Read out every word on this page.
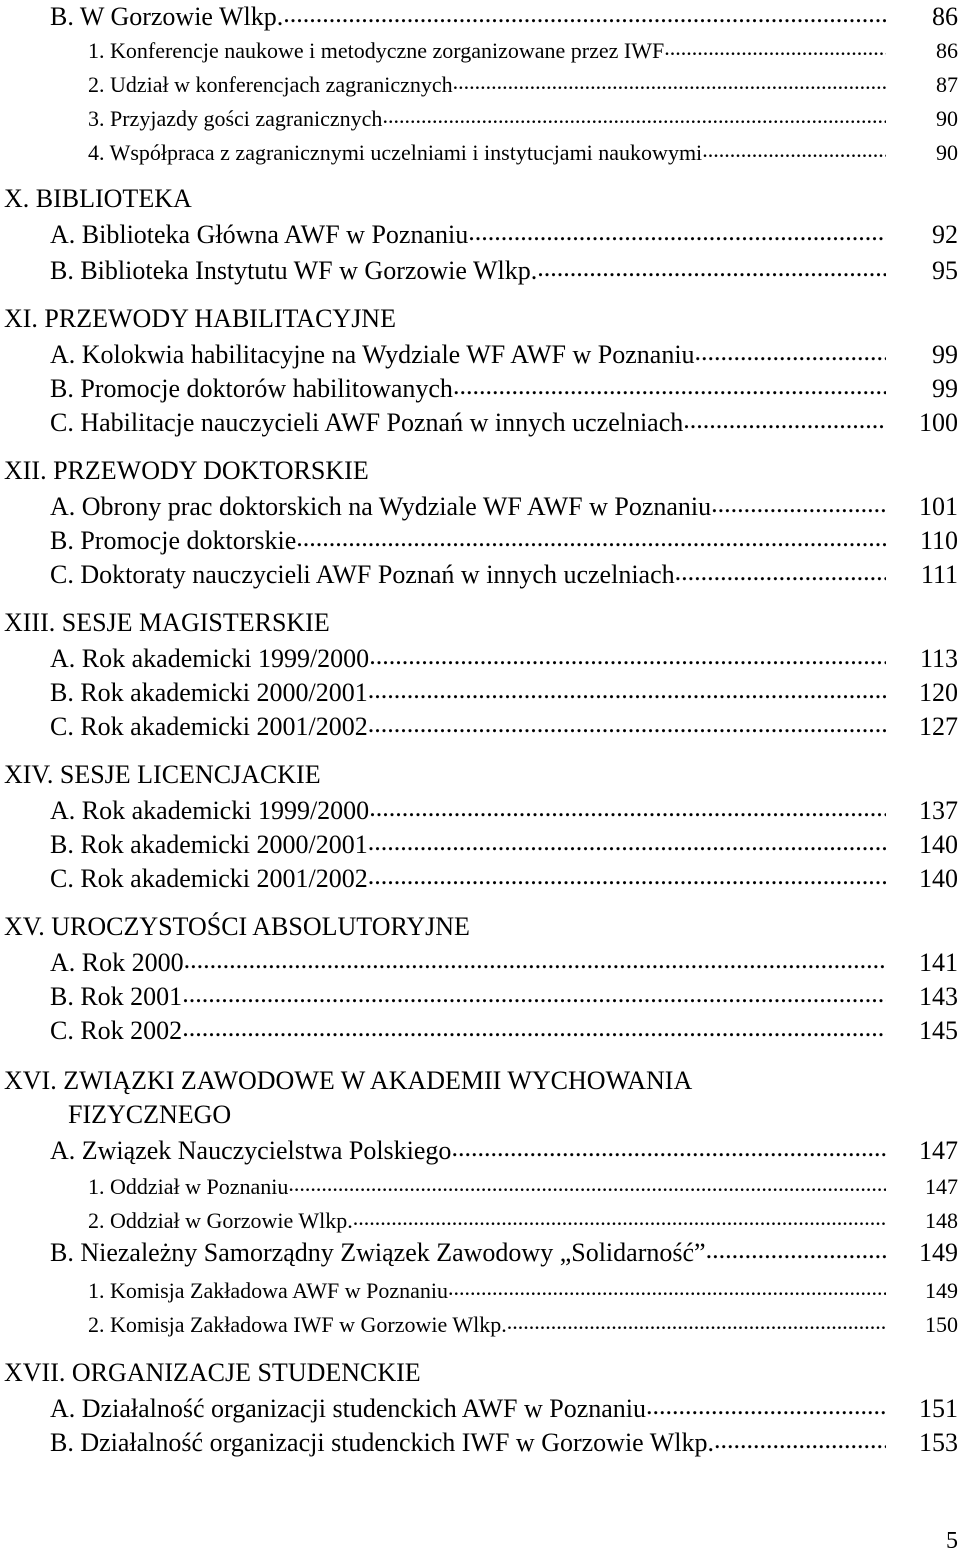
86
B. W Gorzowie Wlkp.
.....
86
1. Konferencje naukowe i metodyczne zorganizowane przez IWF
.....
87
2. Udział w konferencjach zagranicznych
.....
90
3. Przyjazdy gości zagranicznych
.....
90
4. Współpraca z zagranicznymi uczelniami i instytucjami naukowymi
.....
X. BIBLIOTEKA
92
A. Biblioteka Główna AWF w Poznaniu
.....
95
B. Biblioteka Instytutu WF w Gorzowie Wlkp.
.....
XI. PRZEWODY HABILITACYJNE
99
A. Kolokwia habilitacyjne na Wydziale WF AWF w Poznaniu
.....
99
B. Promocje doktorów habilitowanych
.....
100
C. Habilitacje nauczycieli AWF Poznań w innych uczelniach
.....
XII. PRZEWODY DOKTORSKIE
101
A. Obrony prac doktorskich na Wydziale WF AWF w Poznaniu
.....
110
B. Promocje doktorskie
.....
111
C. Doktoraty nauczycieli AWF Poznań w innych uczelniach
.....
XIII. SESJE MAGISTERSKIE
113
A. Rok akademicki 1999/2000
.....
120
B. Rok akademicki 2000/2001
.....
127
C. Rok akademicki 2001/2002
.....
XIV. SESJE LICENCJACKIE
137
A. Rok akademicki 1999/2000
.....
140
B. Rok akademicki 2000/2001
.....
140
C. Rok akademicki 2001/2002
.....
XV. UROCZYSTOŚCI ABSOLUTORYJNE
141
A. Rok 2000
.....
143
B. Rok 2001
.....
145
C. Rok 2002
.....
XVI. ZWIĄZKI ZAWODOWE W AKADEMII WYCHOWANIA
FIZYCZNEGO
147
A. Związek Nauczycielstwa Polskiego
.....
147
1. Oddział w Poznaniu
.....
148
2. Oddział w Gorzowie Wlkp.
.....
149
B. Niezależny Samorządny Związek Zawodowy „Solidarność”
.....
149
1. Komisja Zakładowa AWF w Poznaniu
.....
150
2. Komisja Zakładowa IWF w Gorzowie Wlkp.
.....
XVII. ORGANIZACJE STUDENCKIE
151
A. Działalność organizacji studenckich AWF w Poznaniu
.....
153
B. Działalność organizacji studenckich IWF w Gorzowie Wlkp.
.....
5
